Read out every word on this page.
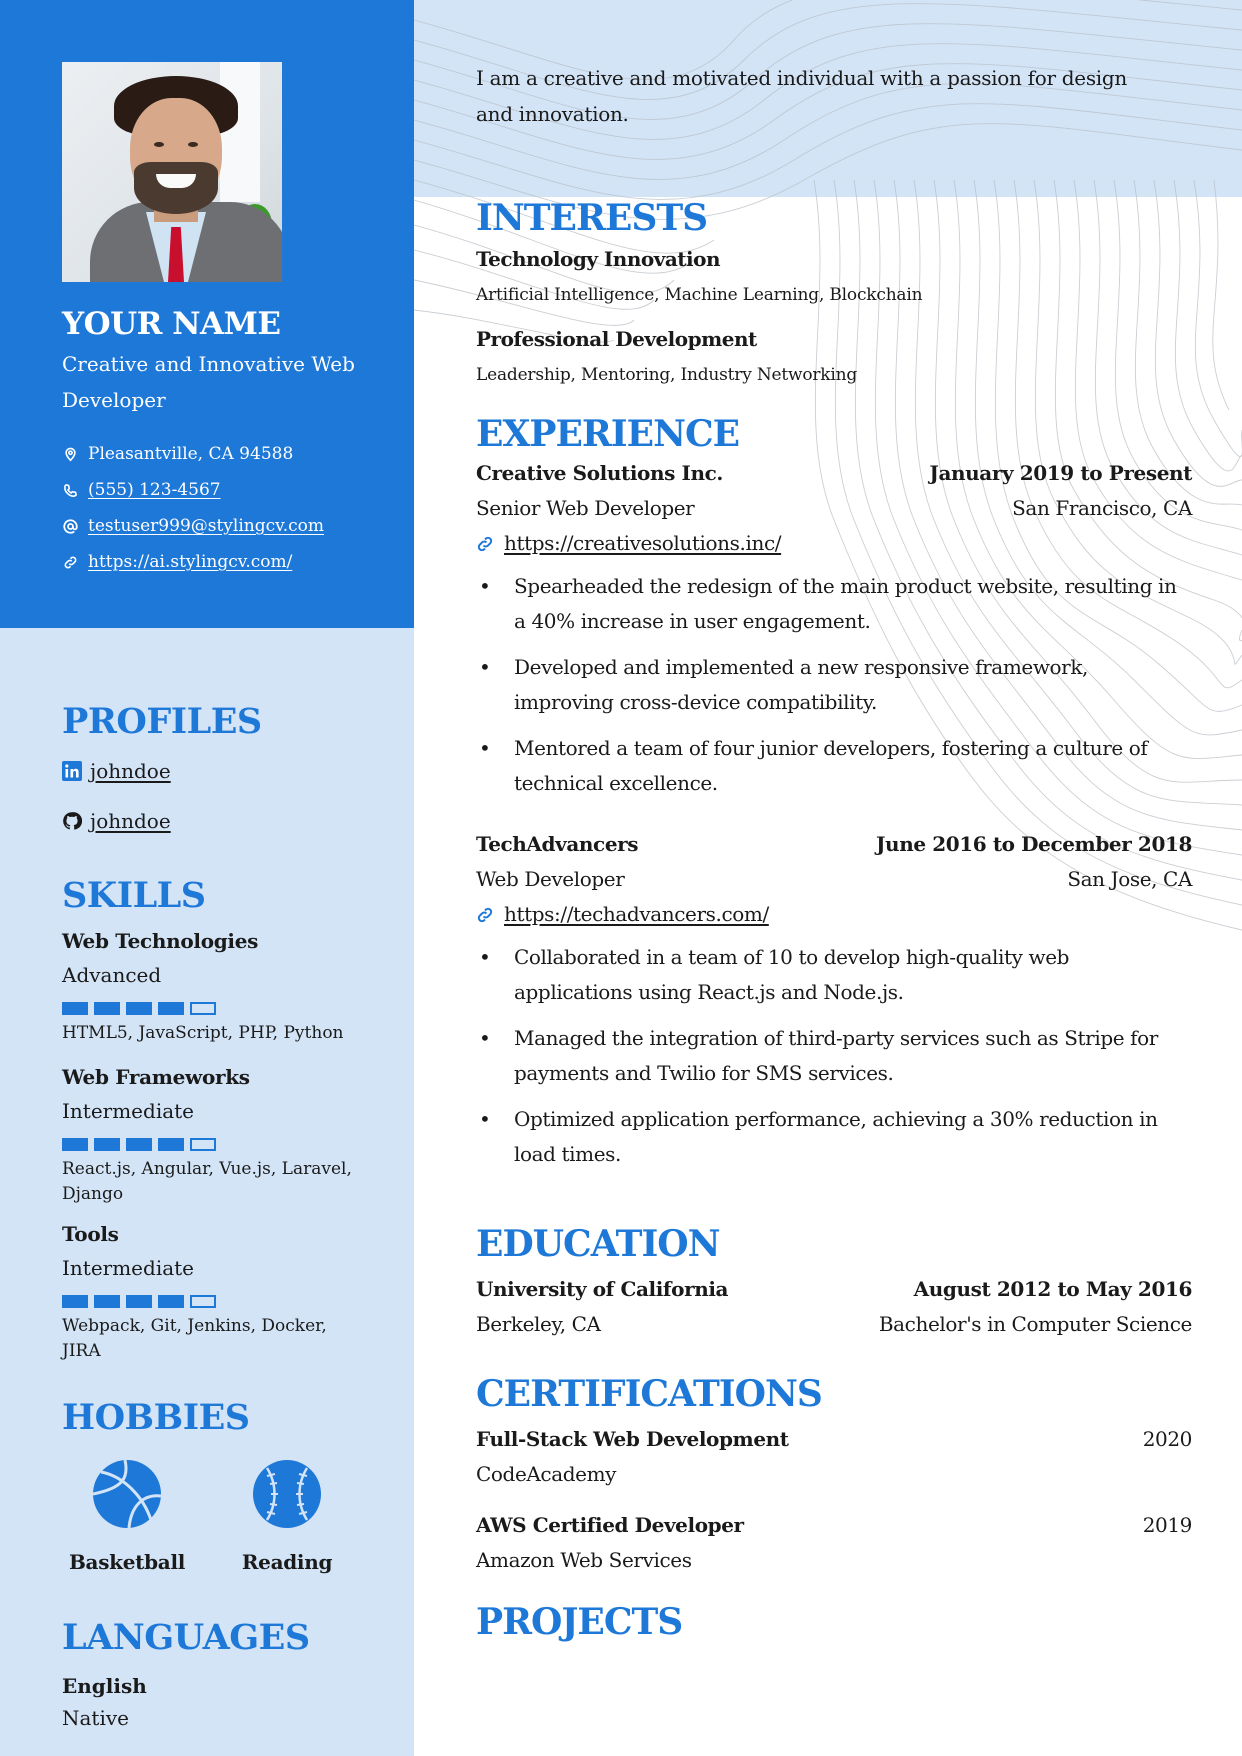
YOUR NAME
Creative and Innovative Web Developer
Pleasantville, CA 94588
(555) 123-4567
testuser999@stylingcv.com
https://ai.stylingcv.com/
PROFILES
johndoe
johndoe
SKILLS
Web Technologies
Advanced
HTML5, JavaScript, PHP, Python
Web Frameworks
Intermediate
React.js, Angular, Vue.js, Laravel, Django
Tools
Intermediate
Webpack, Git, Jenkins, Docker, JIRA
HOBBIES
Basketball	Reading
LANGUAGES
English
Native

I am a creative and motivated individual with a passion for design and innovation.

INTERESTS
Technology Innovation
Artificial Intelligence, Machine Learning, Blockchain
Professional Development
Leadership, Mentoring, Industry Networking
EXPERIENCE
Creative Solutions Inc.	January 2019 to Present
Senior Web Developer	San Francisco, CA
https://creativesolutions.inc/
• Spearheaded the redesign of the main product website, resulting in a 40% increase in user engagement.
• Developed and implemented a new responsive framework, improving cross-device compatibility.
• Mentored a team of four junior developers, fostering a culture of technical excellence.
TechAdvancers	June 2016 to December 2018
Web Developer	San Jose, CA
https://techadvancers.com/
• Collaborated in a team of 10 to develop high-quality web applications using React.js and Node.js.
• Managed the integration of third-party services such as Stripe for payments and Twilio for SMS services.
• Optimized application performance, achieving a 30% reduction in load times.
EDUCATION
University of California	August 2012 to May 2016
Berkeley, CA	Bachelor's in Computer Science
CERTIFICATIONS
Full-Stack Web Development	2020
CodeAcademy
AWS Certified Developer	2019
Amazon Web Services
PROJECTS
